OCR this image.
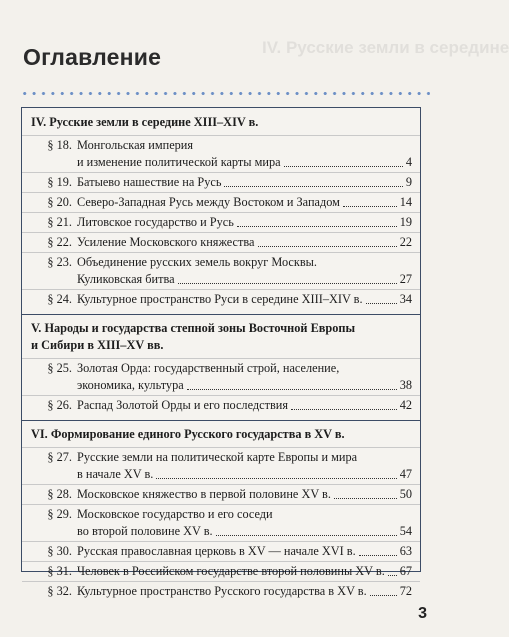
IV. Русские земли в середине
Оглавление
IV. Русские земли в середине XIII–XIV в.
§ 18. Монгольская империя
и изменение политической карты мира	4
§ 19. Батыево нашествие на Русь	9
§ 20. Северо-Западная Русь между Востоком и Западом	14
§ 21. Литовское государство и Русь	19
§ 22. Усиление Московского княжества	22
§ 23. Объединение русских земель вокруг Москвы.
Куликовская битва	27
§ 24. Культурное пространство Руси в середине XIII–XIV в.	34
V. Народы и государства степной зоны Восточной Европы
и Сибири в XIII–XV вв.
§ 25. Золотая Орда: государственный строй, население,
экономика, культура	38
§ 26. Распад Золотой Орды и его последствия	42
VI. Формирование единого Русского государства в XV в.
§ 27. Русские земли на политической карте Европы и мира
в начале XV в.	47
§ 28. Московское княжество в первой половине XV в.	50
§ 29. Московское государство и его соседи
во второй половине XV в.	54
§ 30. Русская православная церковь в XV — начале XVI в.	63
§ 31. Человек в Российском государстве второй половины XV в. 67
§ 32. Культурное пространство Русского государства в XV в.	72
3
